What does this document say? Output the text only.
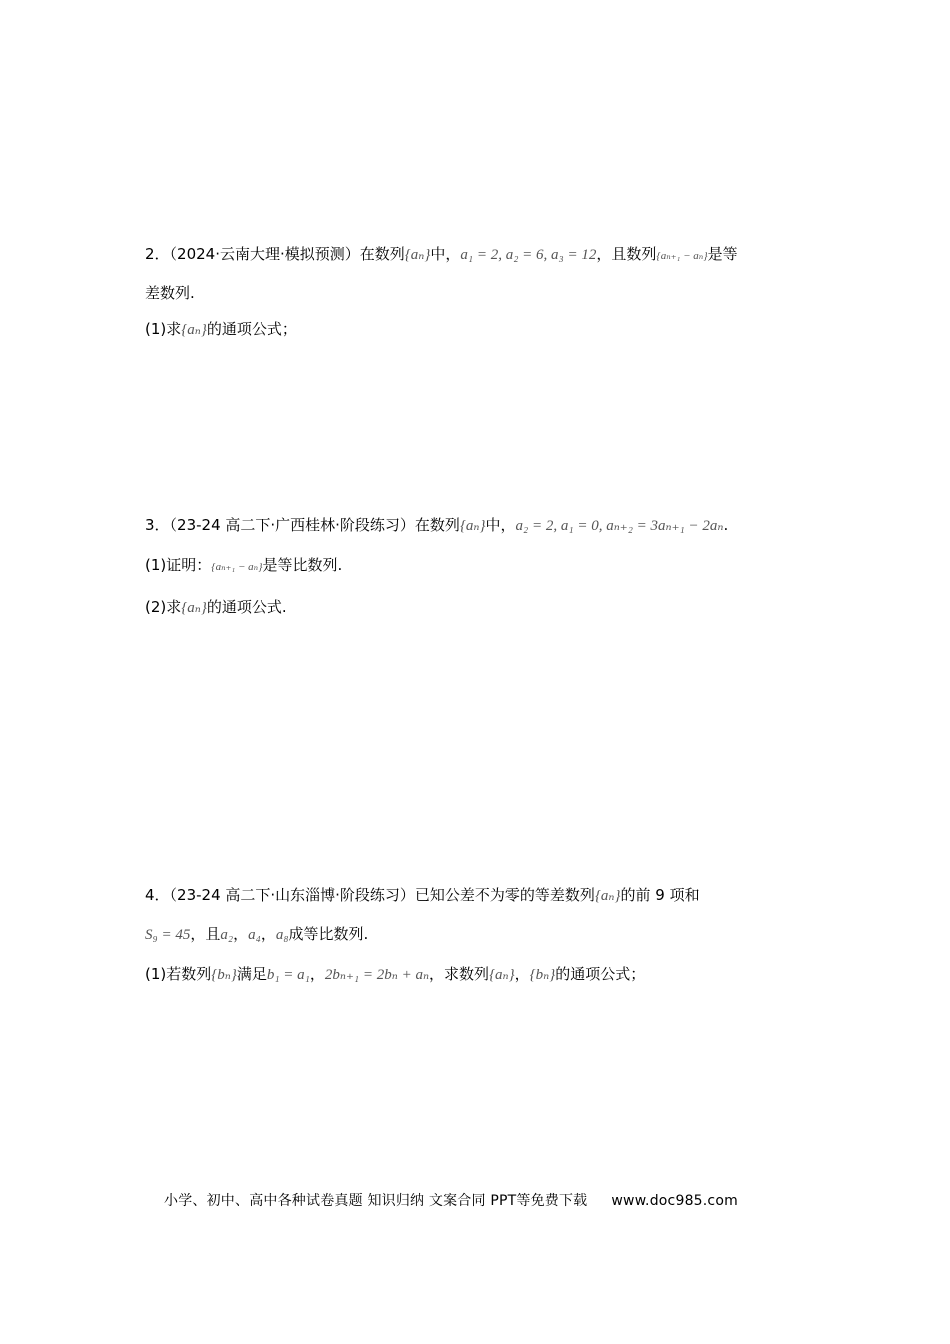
2．（2024·云南大理·模拟预测）在数列{aₙ}中，a₁ = 2, a₂ = 6, a₃ = 12，且数列{aₙ₊₁ − aₙ}是等
差数列.
(1)求{aₙ}的通项公式；
3．（23-24 高二下·广西桂林·阶段练习）在数列{aₙ}中，a₂ = 2, a₁ = 0, aₙ₊₂ = 3aₙ₊₁ − 2aₙ.
(1)证明：{aₙ₊₁ − aₙ}是等比数列.
(2)求{aₙ}的通项公式.
4．（23-24 高二下·山东淄博·阶段练习）已知公差不为零的等差数列{aₙ}的前 9 项和
S₉ = 45，且a₂，a₄，a₈成等比数列.
(1)若数列{bₙ}满足b₁ = a₁，2bₙ₊₁ = 2bₙ + aₙ，求数列{aₙ}，{bₙ}的通项公式；
小学、初中、高中各种试卷真题 知识归纳 文案合同 PPT等免费下载 www.doc985.com
